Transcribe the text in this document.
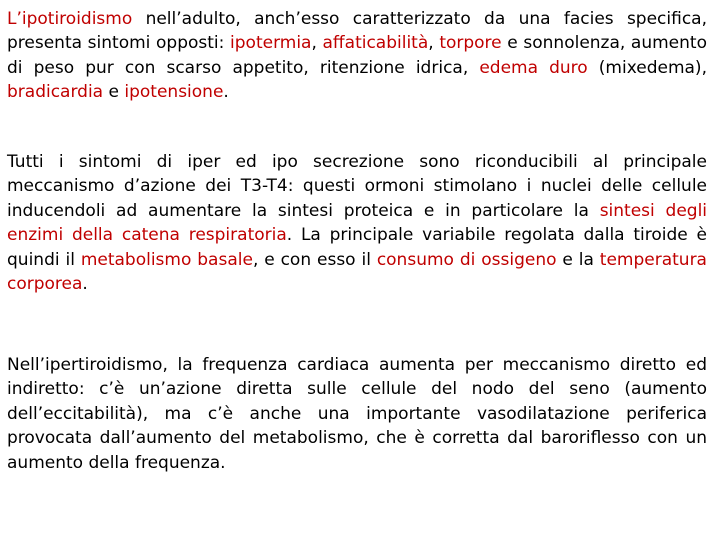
L’ipotiroidismo nell’adulto, anch’esso caratterizzato da una facies specifica, presenta sintomi opposti: ipotermia, affaticabilità, torpore e sonnolenza, aumento di peso pur con scarso appetito, ritenzione idrica, edema duro (mixedema), bradicardia e ipotensione.

Tutti i sintomi di iper ed ipo secrezione sono riconducibili al principale meccanismo d’azione dei T3-T4: questi ormoni stimolano i nuclei delle cellule inducendoli ad aumentare la sintesi proteica e in particolare la sintesi degli enzimi della catena respiratoria. La principale variabile regolata dalla tiroide è quindi il metabolismo basale, e con esso il consumo di ossigeno e la temperatura corporea.

Nell’ipertiroidismo, la frequenza cardiaca aumenta per meccanismo diretto ed indiretto: c’è un’azione diretta sulle cellule del nodo del seno (aumento dell’eccitabilità), ma c’è anche una importante vasodilatazione periferica provocata dall’aumento del metabolismo, che è corretta dal baroriflesso con un aumento della frequenza.
